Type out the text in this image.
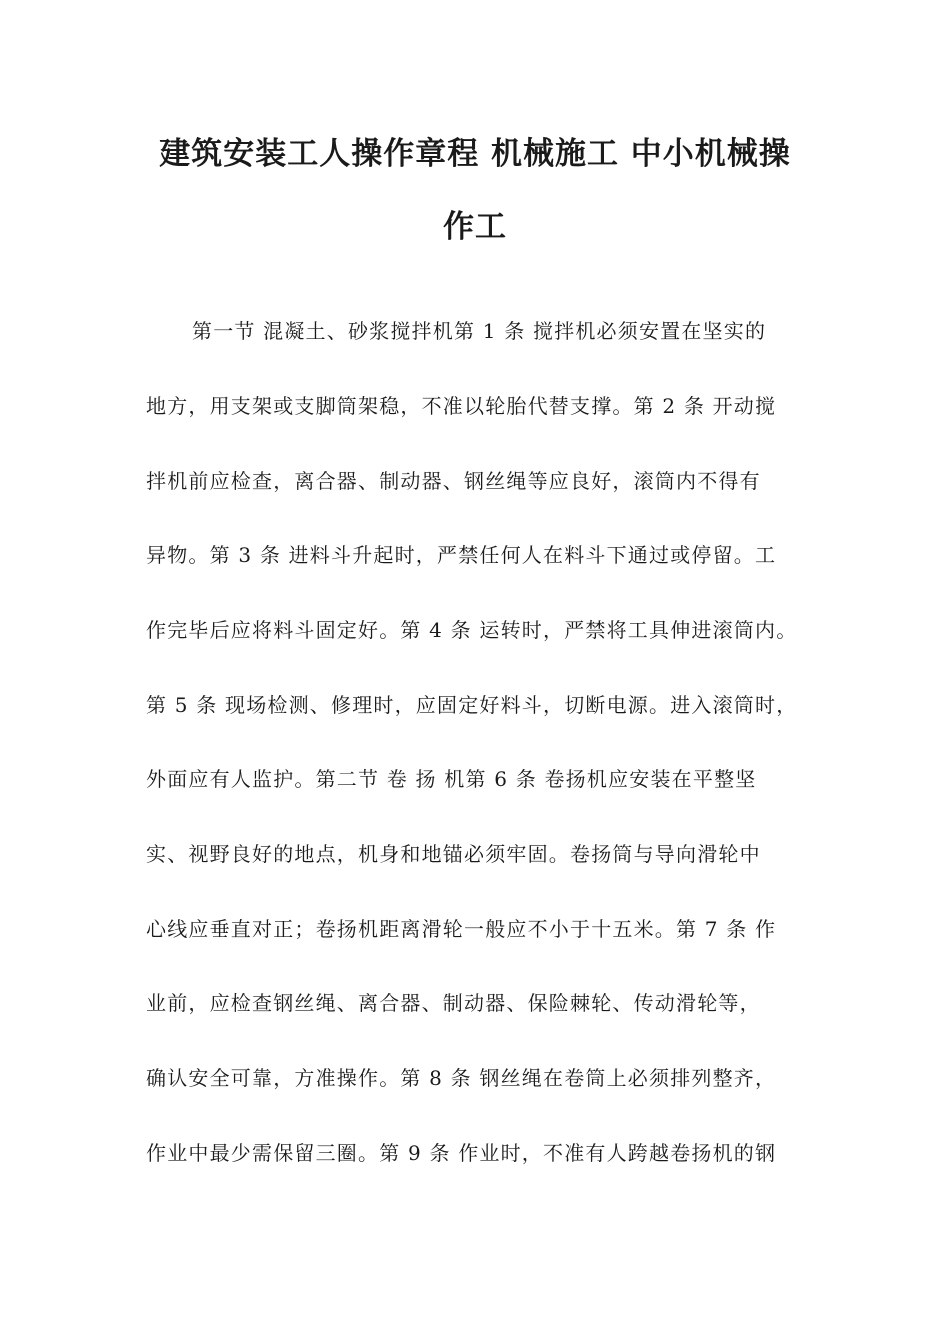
建筑安装工人操作章程 机械施工 中小机械操
作工
第一节 混凝土、砂浆搅拌机第 1 条 搅拌机必须安置在坚实的
地方，用支架或支脚筒架稳，不准以轮胎代替支撑。第 2 条 开动搅
拌机前应检查，离合器、制动器、钢丝绳等应良好，滚筒内不得有
异物。第 3 条 进料斗升起时，严禁任何人在料斗下通过或停留。工
作完毕后应将料斗固定好。第 4 条 运转时，严禁将工具伸进滚筒内。
第 5 条 现场检测、修理时，应固定好料斗，切断电源。进入滚筒时，
外面应有人监护。第二节 卷 扬 机第 6 条 卷扬机应安装在平整坚
实、视野良好的地点，机身和地锚必须牢固。卷扬筒与导向滑轮中
心线应垂直对正；卷扬机距离滑轮一般应不小于十五米。第 7 条 作
业前，应检查钢丝绳、离合器、制动器、保险棘轮、传动滑轮等，
确认安全可靠，方准操作。第 8 条 钢丝绳在卷筒上必须排列整齐，
作业中最少需保留三圈。第 9 条 作业时，不准有人跨越卷扬机的钢
